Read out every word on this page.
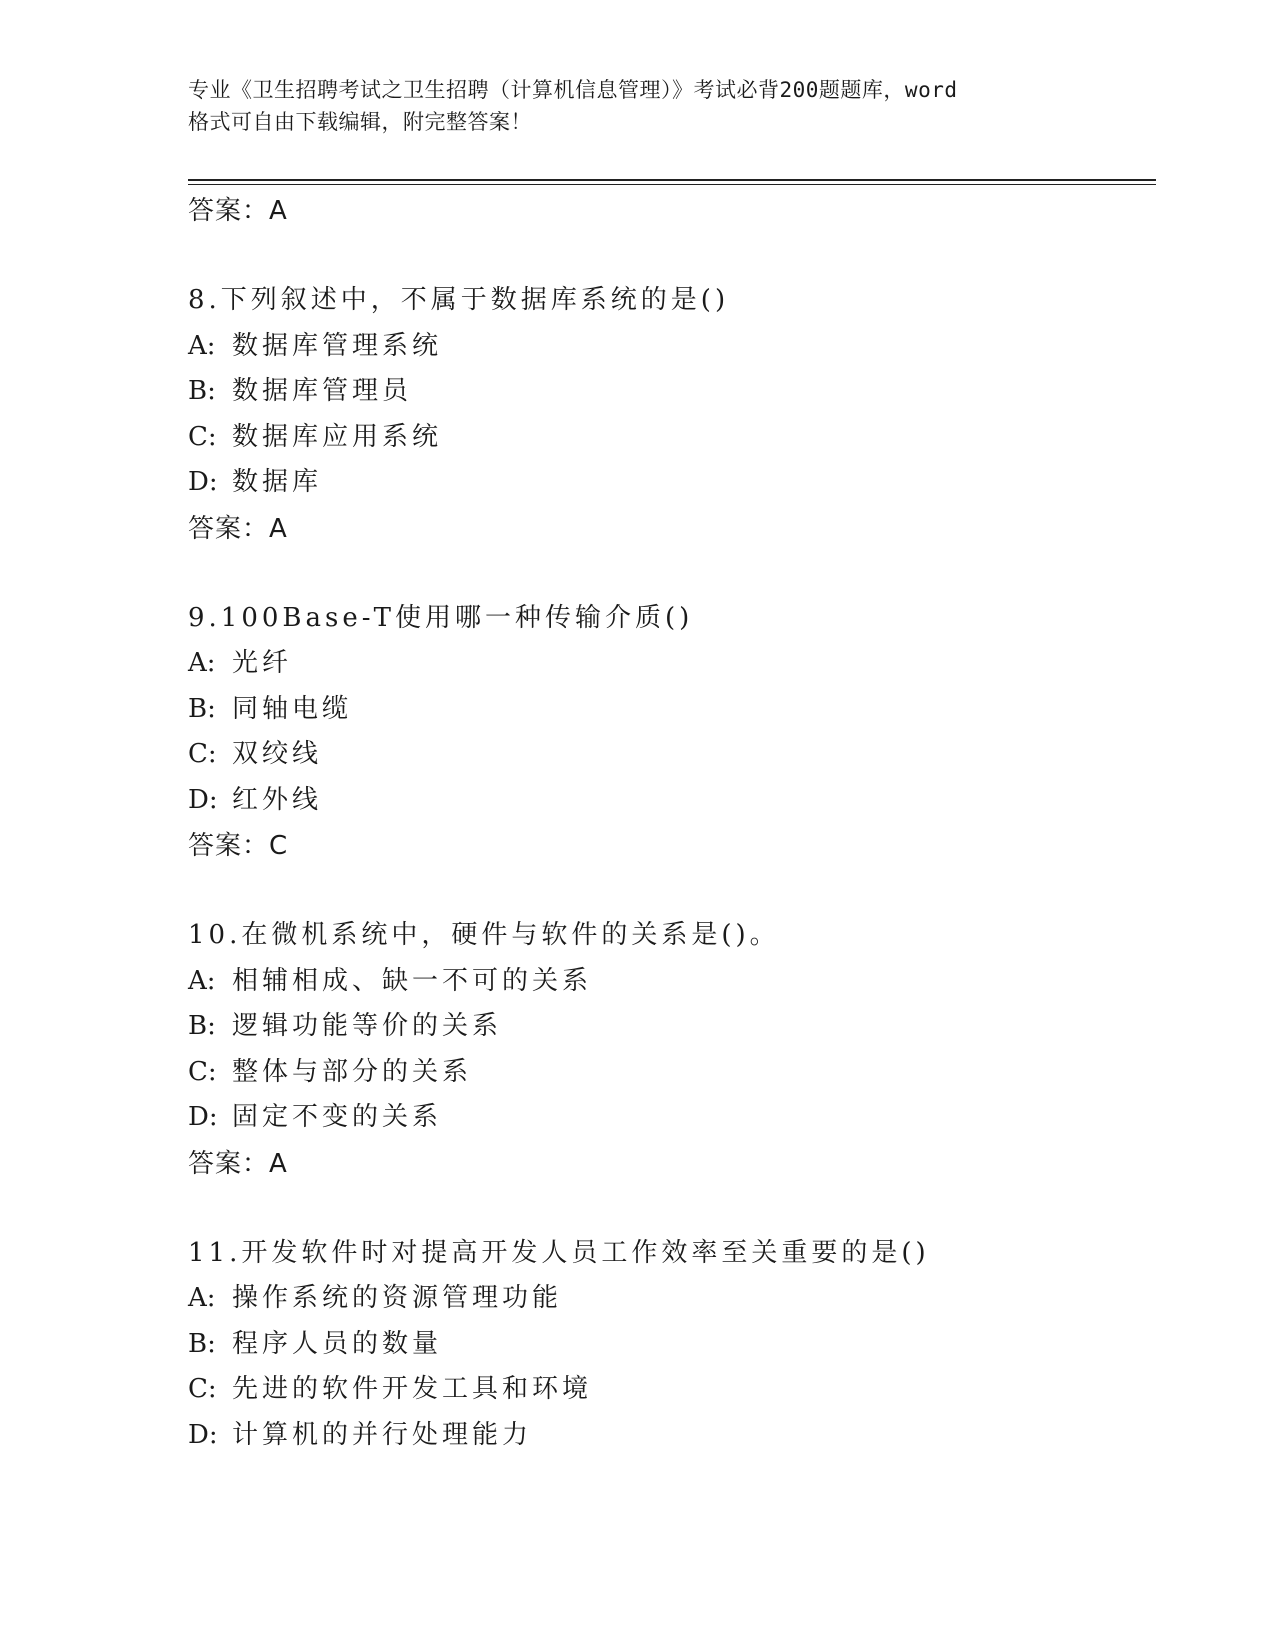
专业《卫生招聘考试之卫生招聘（计算机信息管理）》考试必背200题题库，word
格式可自由下载编辑，附完整答案！
答案：A
8.下列叙述中，不属于数据库系统的是()
A: 数据库管理系统
B: 数据库管理员
C: 数据库应用系统
D: 数据库
答案：A
9.100Base-T使用哪一种传输介质()
A: 光纤
B: 同轴电缆
C: 双绞线
D: 红外线
答案：C
10.在微机系统中，硬件与软件的关系是()。
A: 相辅相成、缺一不可的关系
B: 逻辑功能等价的关系
C: 整体与部分的关系
D: 固定不变的关系
答案：A
11.开发软件时对提高开发人员工作效率至关重要的是()
A: 操作系统的资源管理功能
B: 程序人员的数量
C: 先进的软件开发工具和环境
D: 计算机的并行处理能力
